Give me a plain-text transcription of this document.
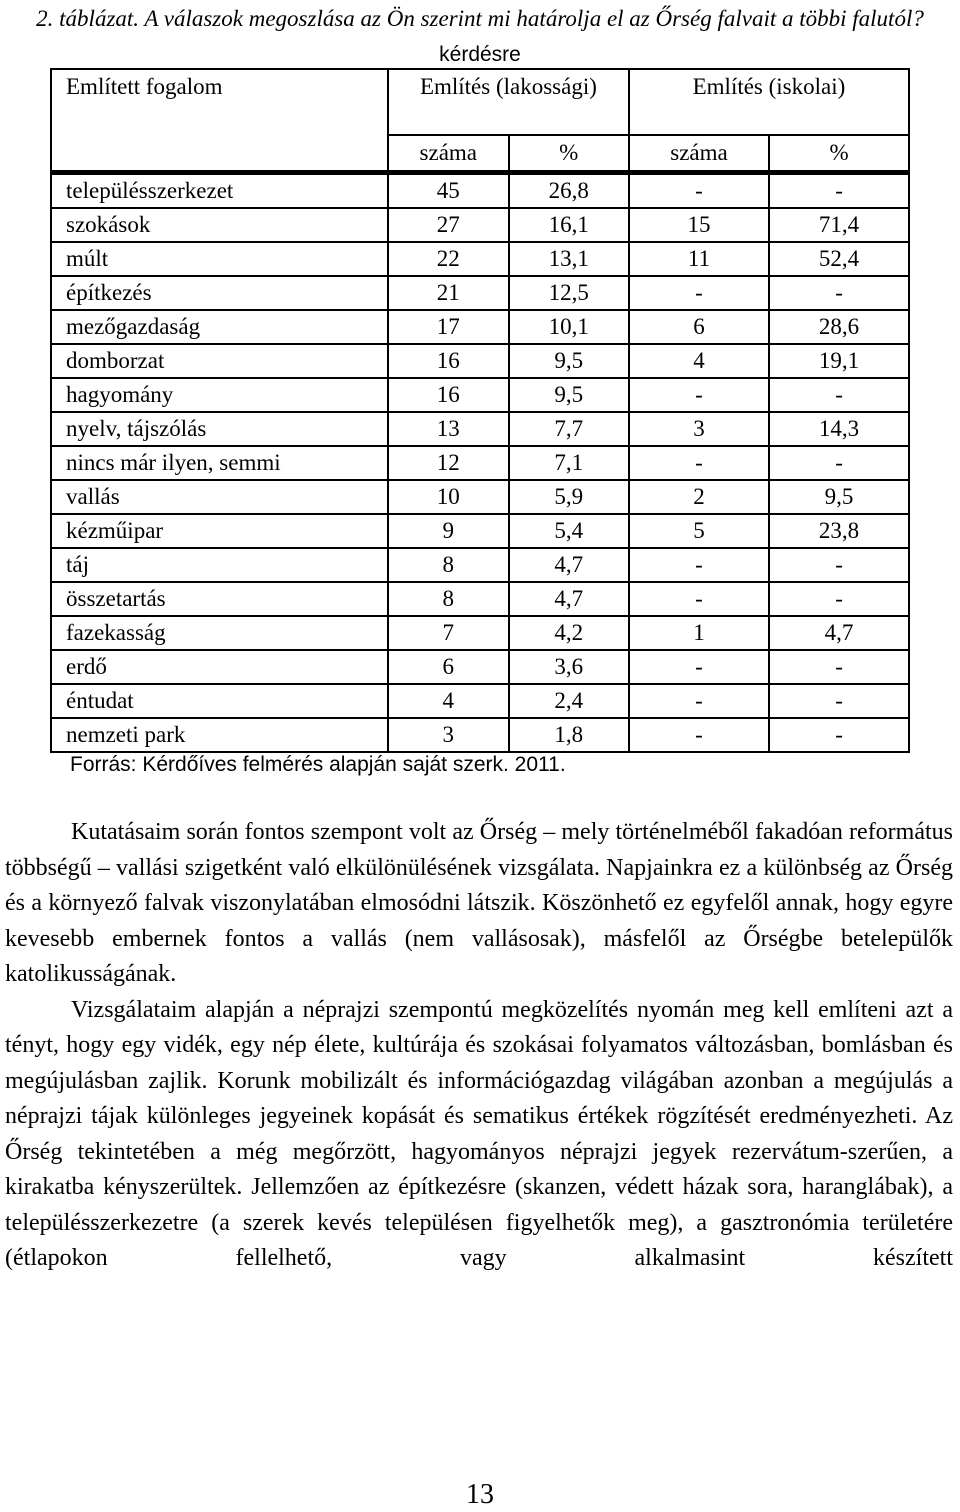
2. táblázat. A válaszok megoszlása az Ön szerint mi határolja el az Őrség falvait a többi falutól? kérdésre
Említett fogalom	Említés (lakossági)		Említés (iskolai)	
	száma	%	száma	%
településszerkezet	45	26,8	-	-
szokások	27	16,1	15	71,4
múlt	22	13,1	11	52,4
építkezés	21	12,5	-	-
mezőgazdaság	17	10,1	6	28,6
domborzat	16	9,5	4	19,1
hagyomány	16	9,5	-	-
nyelv, tájszólás	13	7,7	3	14,3
nincs már ilyen, semmi	12	7,1	-	-
vallás	10	5,9	2	9,5
kézműipar	9	5,4	5	23,8
táj	8	4,7	-	-
összetartás	8	4,7	-	-
fazekasság	7	4,2	1	4,7
erdő	6	3,6	-	-
éntudat	4	2,4	-	-
nemzeti park	3	1,8	-	-
Forrás: Kérdőíves felmérés alapján saját szerk. 2011.

Kutatásaim során fontos szempont volt az Őrség – mely történelméből fakadóan református többségű – vallási szigetként való elkülönülésének vizsgálata. Napjainkra ez a különbség az Őrség és a környező falvak viszonylatában elmosódni látszik. Köszönhető ez egyfelől annak, hogy egyre kevesebb embernek fontos a vallás (nem vallásosak), másfelől az Őrségbe betelepülők katolikusságának.

Vizsgálataim alapján a néprajzi szempontú megközelítés nyomán meg kell említeni azt a tényt, hogy egy vidék, egy nép élete, kultúrája és szokásai folyamatos változásban, bomlásban és megújulásban zajlik. Korunk mobilizált és információgazdag világában azonban a megújulás a néprajzi tájak különleges jegyeinek kopását és sematikus értékek rögzítését eredményezheti. Az Őrség tekintetében a még megőrzött, hagyományos néprajzi jegyek rezervátum-szerűen, a kirakatba kényszerültek. Jellemzően az építkezésre (skanzen, védett házak sora, haranglábak), a településszerkezetre (a szerek kevés településen figyelhetők meg), a gasztronómia területére (étlapokon fellelhető, vagy alkalmasint készített

13
